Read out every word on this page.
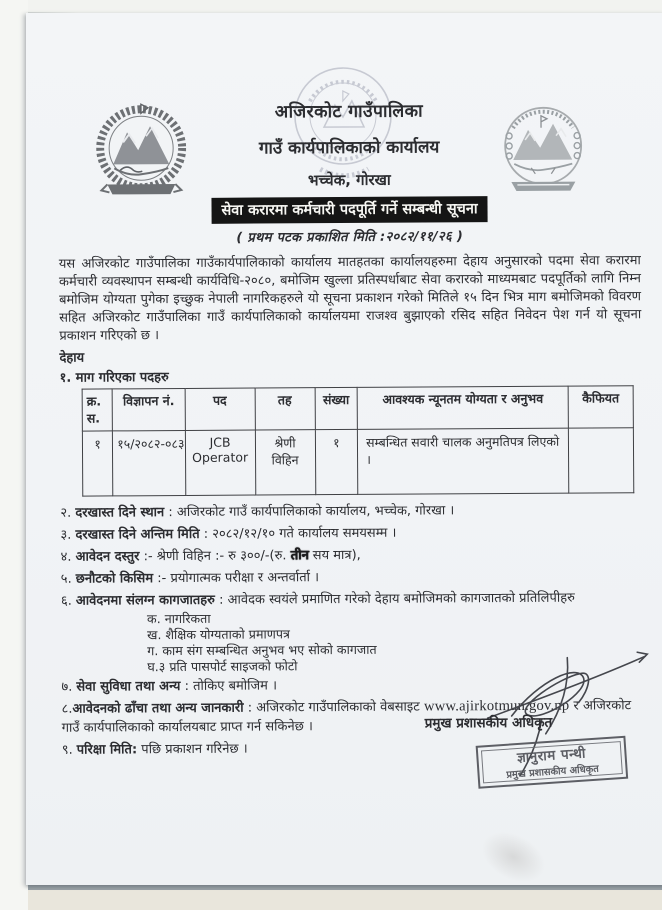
अजिरकोट गाउँपालिका
गाउँ कार्यपालिकाको कार्यालय
भच्चेक, गोरखा
सेवा करारमा कर्मचारी पदपूर्ति गर्ने सम्बन्धी सूचना
( प्रथम पटक प्रकाशित मिति :२०८२/११/२६ )
यस अजिरकोट गाउँपालिका गाउँकार्यपालिकाको कार्यालय मातहतका कार्यालयहरुमा देहाय अनुसारको पदमा सेवा करारमा कर्मचारी व्यवस्थापन सम्बन्धी कार्यविधि-२०८०, बमोजिम खुल्ला प्रतिस्पर्धाबाट सेवा करारको माध्यमबाट पदपूर्तिको लागि निम्न बमोजिम योग्यता पुगेका इच्छुक नेपाली नागरिकहरुले यो सूचना प्रकाशन गरेको मितिले १५ दिन भित्र माग बमोजिमको विवरण सहित अजिरकोट गाउँपालिका गाउँ कार्यपालिकाको कार्यालयमा राजश्व बुझाएको रसिद सहित निवेदन पेश गर्न यो सूचना प्रकाशन गरिएको छ ।
देहाय
१. माग गरिएका पदहरु
क्र. स.	विज्ञापन नं.	पद	तह	संख्या	आवश्यक न्यूनतम योग्यता र अनुभव	कैफियत
१	१५/२०८२-०८३	JCB Operator	श्रेणी विहिन	१	सम्बन्धित सवारी चालक अनुमतिपत्र लिएको ।	
२. दरखास्त दिने स्थान : अजिरकोट गाउँ कार्यपालिकाको कार्यालय, भच्चेक, गोरखा ।
३. दरखास्त दिने अन्तिम मिति : २०८२/१२/१० गते कार्यालय समयसम्म ।
४. आवेदन दस्तुर :- श्रेणी विहिन :- रु ३००/-(रु. तीन सय मात्र),
५. छनौटको किसिम :- प्रयोगात्मक परीक्षा र अन्तर्वार्ता ।
६. आवेदनमा संलग्न कागजातहरु : आवेदक स्वयंले प्रमाणित गरेको देहाय बमोजिमको कागजातको प्रतिलिपीहरु
क. नागरिकता
ख. शैक्षिक योग्यताको प्रमाणपत्र
ग. काम संग सम्बन्धित अनुभव भए सोको कागजात
घ.३ प्रति पासपोर्ट साइजको फोटो
७. सेवा सुविधा तथा अन्य : तोकिए बमोजिम ।
८.आवेदनको ढाँचा तथा अन्य जानकारी : अजिरकोट गाउँपालिकाको वेबसाइट www.ajirkotmun.gov.np र अजिरकोट गाउँ कार्यपालिकाको कार्यालयबाट प्राप्त गर्न सकिनेछ ।
९. परिक्षा मिति: पछि प्रकाशन गरिनेछ ।
प्रमुख प्रशासकीय अधिकृत
ज्ञानुराम पन्थी
प्रमुख प्रशासकीय अधिकृत
